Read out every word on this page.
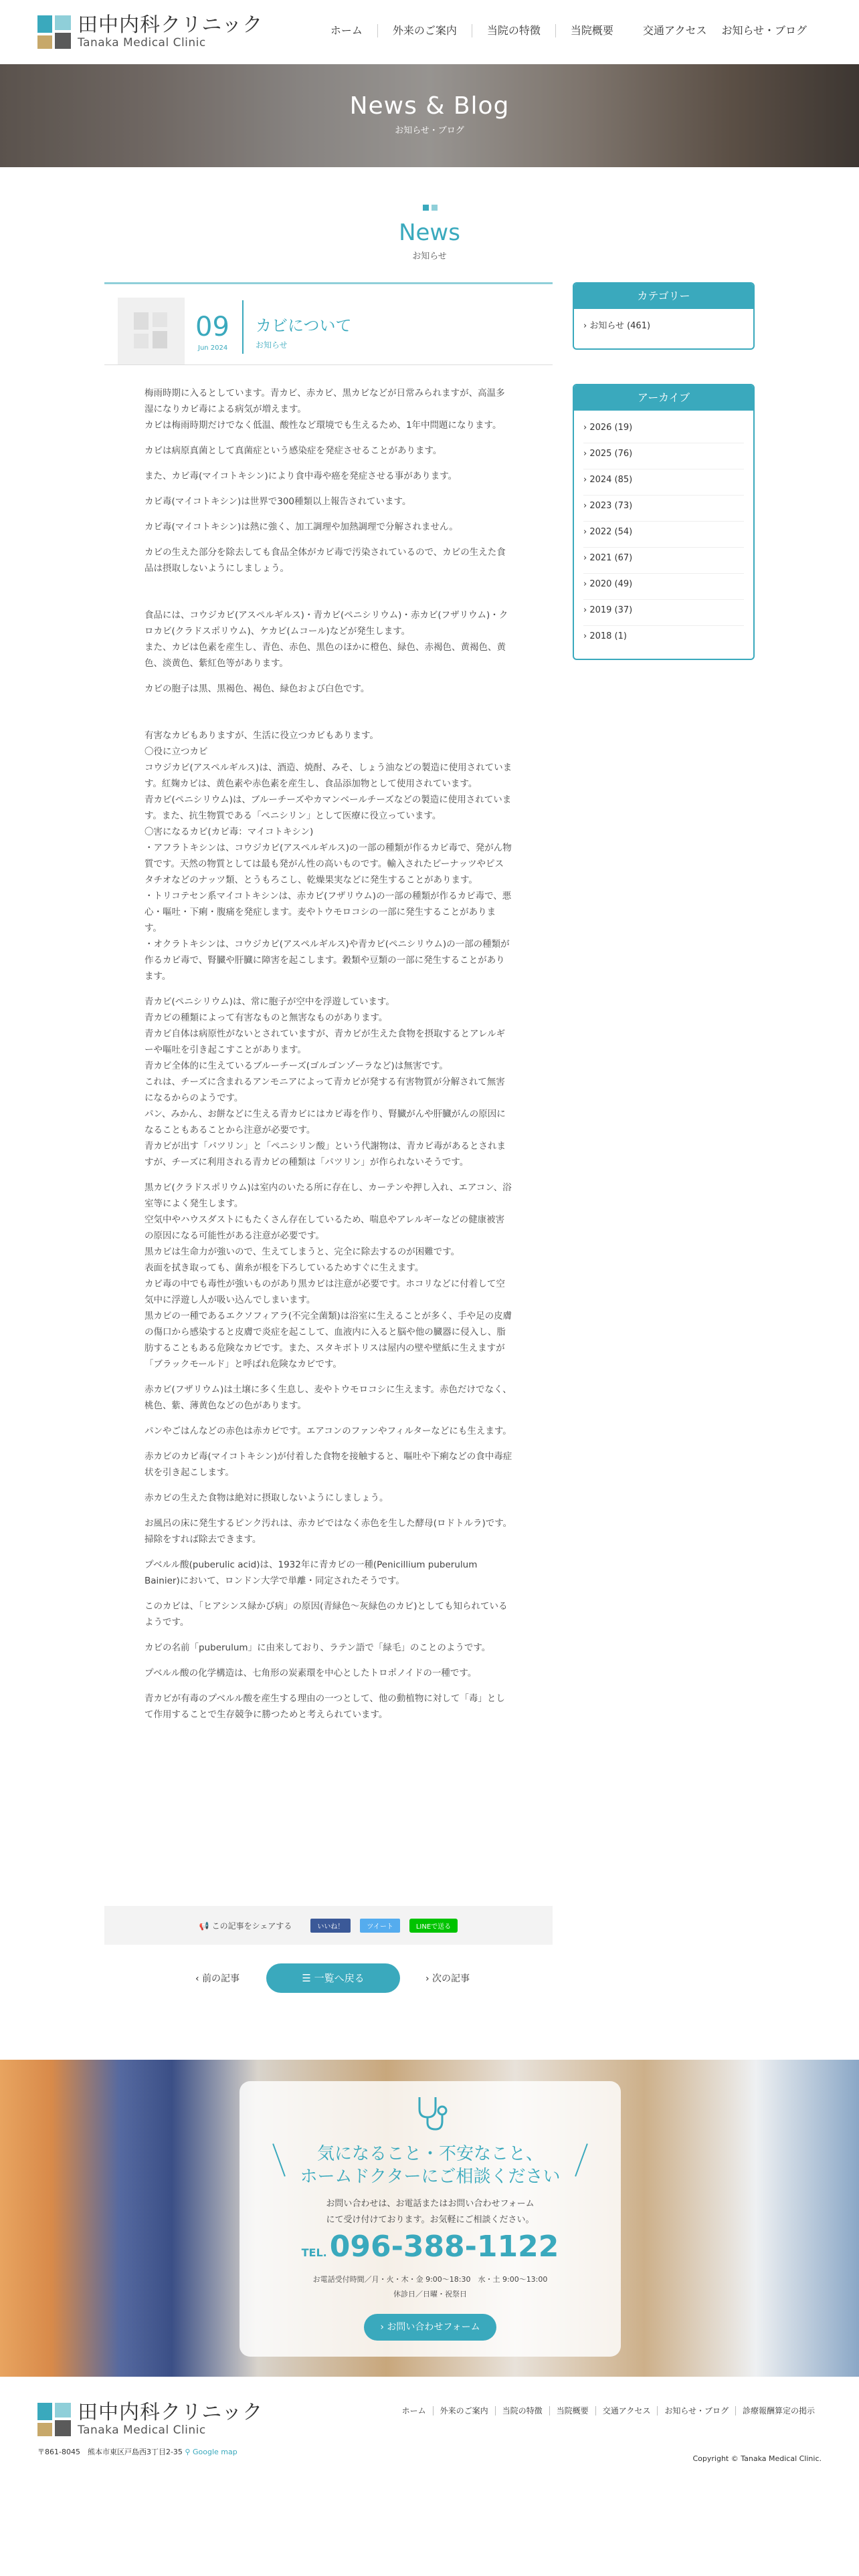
田中内科クリニック
Tanaka Medical Clinic
ホーム	外来のご案内	当院の特徴	当院概要	交通アクセス	お知らせ・ブログ
News & Blog
お知らせ・ブログ
News
お知らせ
09
Jun 2024
カビについて
お知らせ

梅雨時期に入るとしています。青カビ、赤カビ、黒カビなどが日常みられますが、高温多湿になりカビ毒による病気が増えます。
カビは梅雨時期だけでなく低温、酸性など環境でも生えるため、1年中問題になります。

カビは病原真菌として真菌症という感染症を発症させることがあります。

また、カビ毒(マイコトキシン)により食中毒や癌を発症させる事があります。

カビ毒(マイコトキシン)は世界で300種類以上報告されています。

カビ毒(マイコトキシン)は熱に強く、加工調理や加熱調理で分解されません。

カビの生えた部分を除去しても食品全体がカビ毒で汚染されているので、カビの生えた食品は摂取しないようにしましょう。

食品には、コウジカビ(アスペルギルス)・青カビ(ペニシリウム)・赤カビ(フザリウム)・クロカビ(クラドスポリウム)、ケカビ(ムコール)などが発生します。
また、カビは色素を産生し、青色、赤色、黒色のほかに橙色、緑色、赤褐色、黄褐色、黄色、淡黄色、紫紅色等があります。

カビの胞子は黒、黒褐色、褐色、緑色および白色です。

有害なカビもありますが、生活に役立つカビもあります。
〇役に立つカビ
コウジカビ(アスペルギルス)は、酒造、焼酎、みそ、しょう油などの製造に使用されています。紅麹カビは、黄色素や赤色素を産生し、食品添加物として使用されています。
青カビ(ペニシリウム)は、ブルーチーズやカマンベールチーズなどの製造に使用されています。また、抗生物質である「ペニシリン」として医療に役立っています。
〇害になるカビ(カビ毒：マイコトキシン)
・アフラトキシンは、コウジカビ(アスペルギルス)の一部の種類が作るカビ毒で、発がん物質です。天然の物質としては最も発がん性の高いものです。輸入されたピーナッツやピスタチオなどのナッツ類、とうもろこし、乾燥果実などに発生することがあります。
・トリコテセン系マイコトキシンは、赤カビ(フザリウム)の一部の種類が作るカビ毒で、悪心・嘔吐・下痢・腹痛を発症します。麦やトウモロコシの一部に発生することがあります。
・オクラトキシンは、コウジカビ(アスペルギルス)や青カビ(ペニシリウム)の一部の種類が作るカビ毒で、腎臓や肝臓に障害を起こします。穀類や豆類の一部に発生することがあります。

青カビ(ペニシリウム)は、常に胞子が空中を浮遊しています。
青カビの種類によって有害なものと無害なものがあります。
青カビ自体は病原性がないとされていますが、青カビが生えた食物を摂取するとアレルギーや嘔吐を引き起こすことがあります。
青カビ全体的に生えているブルーチーズ(ゴルゴンゾーラなど)は無害です。
これは、チーズに含まれるアンモニアによって青カビが発する有害物質が分解されて無害になるからのようです。
パン、みかん、お餅などに生える青カビにはカビ毒を作り、腎臓がんや肝臓がんの原因になることもあることから注意が必要です。
青カビが出す「パツリン」と「ペニシリン酸」という代謝物は、青カビ毒があるとされますが、チーズに利用される青カビの種類は「パツリン」が作られないそうです。

黒カビ(クラドスポリウム)は室内のいたる所に存在し、カーテンや押し入れ、エアコン、浴室等によく発生します。
空気中やハウスダストにもたくさん存在しているため、喘息やアレルギーなどの健康被害の原因になる可能性がある注意が必要です。
黒カビは生命力が強いので、生えてしまうと、完全に除去するのが困難です。
表面を拭き取っても、菌糸が根を下ろしているためすぐに生えます。
カビ毒の中でも毒性が強いものがあり黒カビは注意が必要です。ホコリなどに付着して空気中に浮遊し人が吸い込んでしまいます。
黒カビの一種であるエクソフィアラ(不完全菌類)は浴室に生えることが多く、手や足の皮膚の傷口から感染すると皮膚で炎症を起こして、血液内に入ると脳や他の臓器に侵入し、脂肪することもある危険なカビです。また、スタキボトリスは屋内の壁や壁紙に生えますが「ブラックモールド」と呼ばれ危険なカビです。

赤カビ(フザリウム)は土壌に多く生息し、麦やトウモロコシに生えます。赤色だけでなく、桃色、紫、薄黄色などの色があります。

パンやごはんなどの赤色は赤カビです。エアコンのファンやフィルターなどにも生えます。

赤カビのカビ毒(マイコトキシン)が付着した食物を接触すると、嘔吐や下痢などの食中毒症状を引き起こします。

赤カビの生えた食物は絶対に摂取しないようにしましょう。

お風呂の床に発生するピンク汚れは、赤カビではなく赤色を生した酵母(ロドトルラ)です。掃除をすれば除去できます。

プベルル酸(puberulic acid)は、1932年に青カビの一種(Penicillium puberulum Bainier)において、ロンドン大学で単離・同定されたそうです。

このカビは、「ヒアシンス緑かび病」の原因(青緑色～灰緑色のカビ)としても知られているようです。

カビの名前「puberulum」に由来しており、ラテン語で「緑毛」のことのようです。

プベルル酸の化学構造は、七角形の炭素環を中心としたトロポノイドの一種です。

青カビが有毒のプベルル酸を産生する理由の一つとして、他の動植物に対して「毒」として作用することで生存競争に勝つためと考えられています。

📢 この記事をシェアする	いいね！	ツイート	LINEで送る
‹ 前の記事	☰ 一覧へ戻る	› 次の記事
カテゴリー
› お知らせ (461)
アーカイブ
› 2026 (19)
› 2025 (76)
› 2024 (85)
› 2023 (73)
› 2022 (54)
› 2021 (67)
› 2020 (49)
› 2019 (37)
› 2018 (1)
気になること・不安なこと、
ホームドクターにご相談ください
お問い合わせは、お電話またはお問い合わせフォーム
にて受け付けております。お気軽にご相談ください。
TEL.096-388-1122
お電話受付時間／月・火・木・金 9:00～18:30　水・土 9:00～13:00
休診日／日曜・祝祭日
› お問い合わせフォーム
田中内科クリニック
Tanaka Medical Clinic
ホーム	外来のご案内	当院の特徴	当院概要	交通アクセス	お知らせ・ブログ	診療報酬算定の掲示
〒861-8045　熊本市東区戸島西3丁目2-35 ⚲ Google map
Copyright © Tanaka Medical Clinic.
